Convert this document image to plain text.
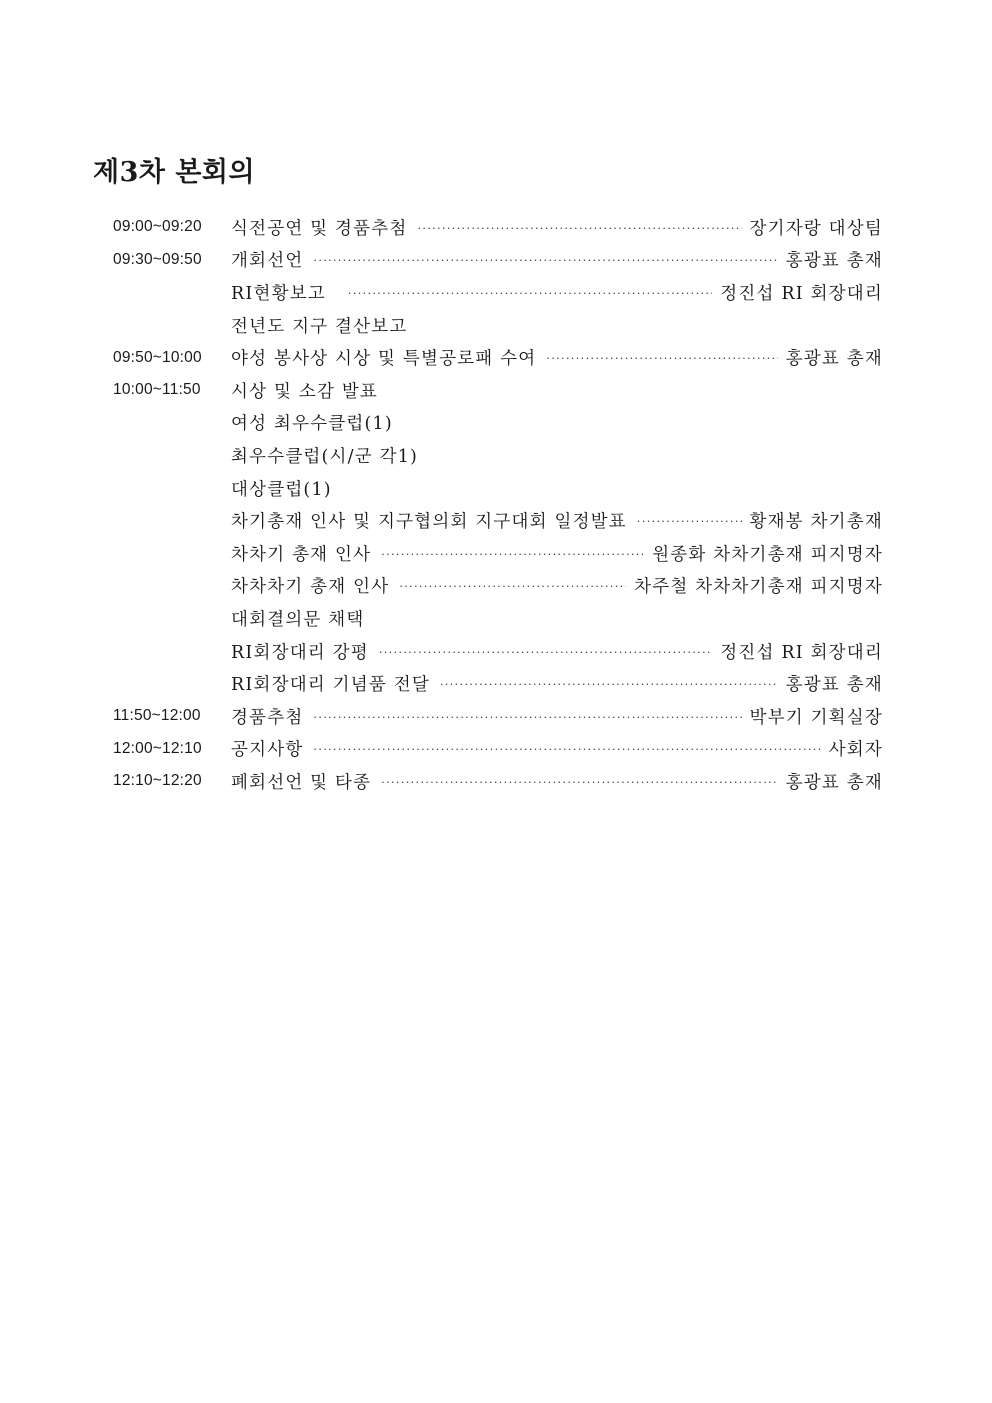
제3차 본회의
09:00~09:20	식전공연 및 경품추첨 ·····	장기자랑 대상팀
09:30~09:50	개회선언 ·····	홍광표 총재
RI현황보고 ·····	정진섭 RI 회장대리
전년도 지구 결산보고
09:50~10:00	야성 봉사상 시상 및 특별공로패 수여 ·····	홍광표 총재
10:00~11:50	시상 및 소감 발표
여성 최우수클럽(1)
최우수클럽(시/군 각1)
대상클럽(1)
차기총재 인사 및 지구협의회 지구대회 일정발표 ·····	황재봉 차기총재
차차기 총재 인사 ·····	원종화 차차기총재 피지명자
차차차기 총재 인사 ·····	차주철 차차차기총재 피지명자
대회결의문 채택
RI회장대리 강평 ·····	정진섭 RI 회장대리
RI회장대리 기념품 전달 ·····	홍광표 총재
11:50~12:00	경품추첨 ·····	박부기 기획실장
12:00~12:10	공지사항 ·····	사회자
12:10~12:20	폐회선언 및 타종 ·····	홍광표 총재
